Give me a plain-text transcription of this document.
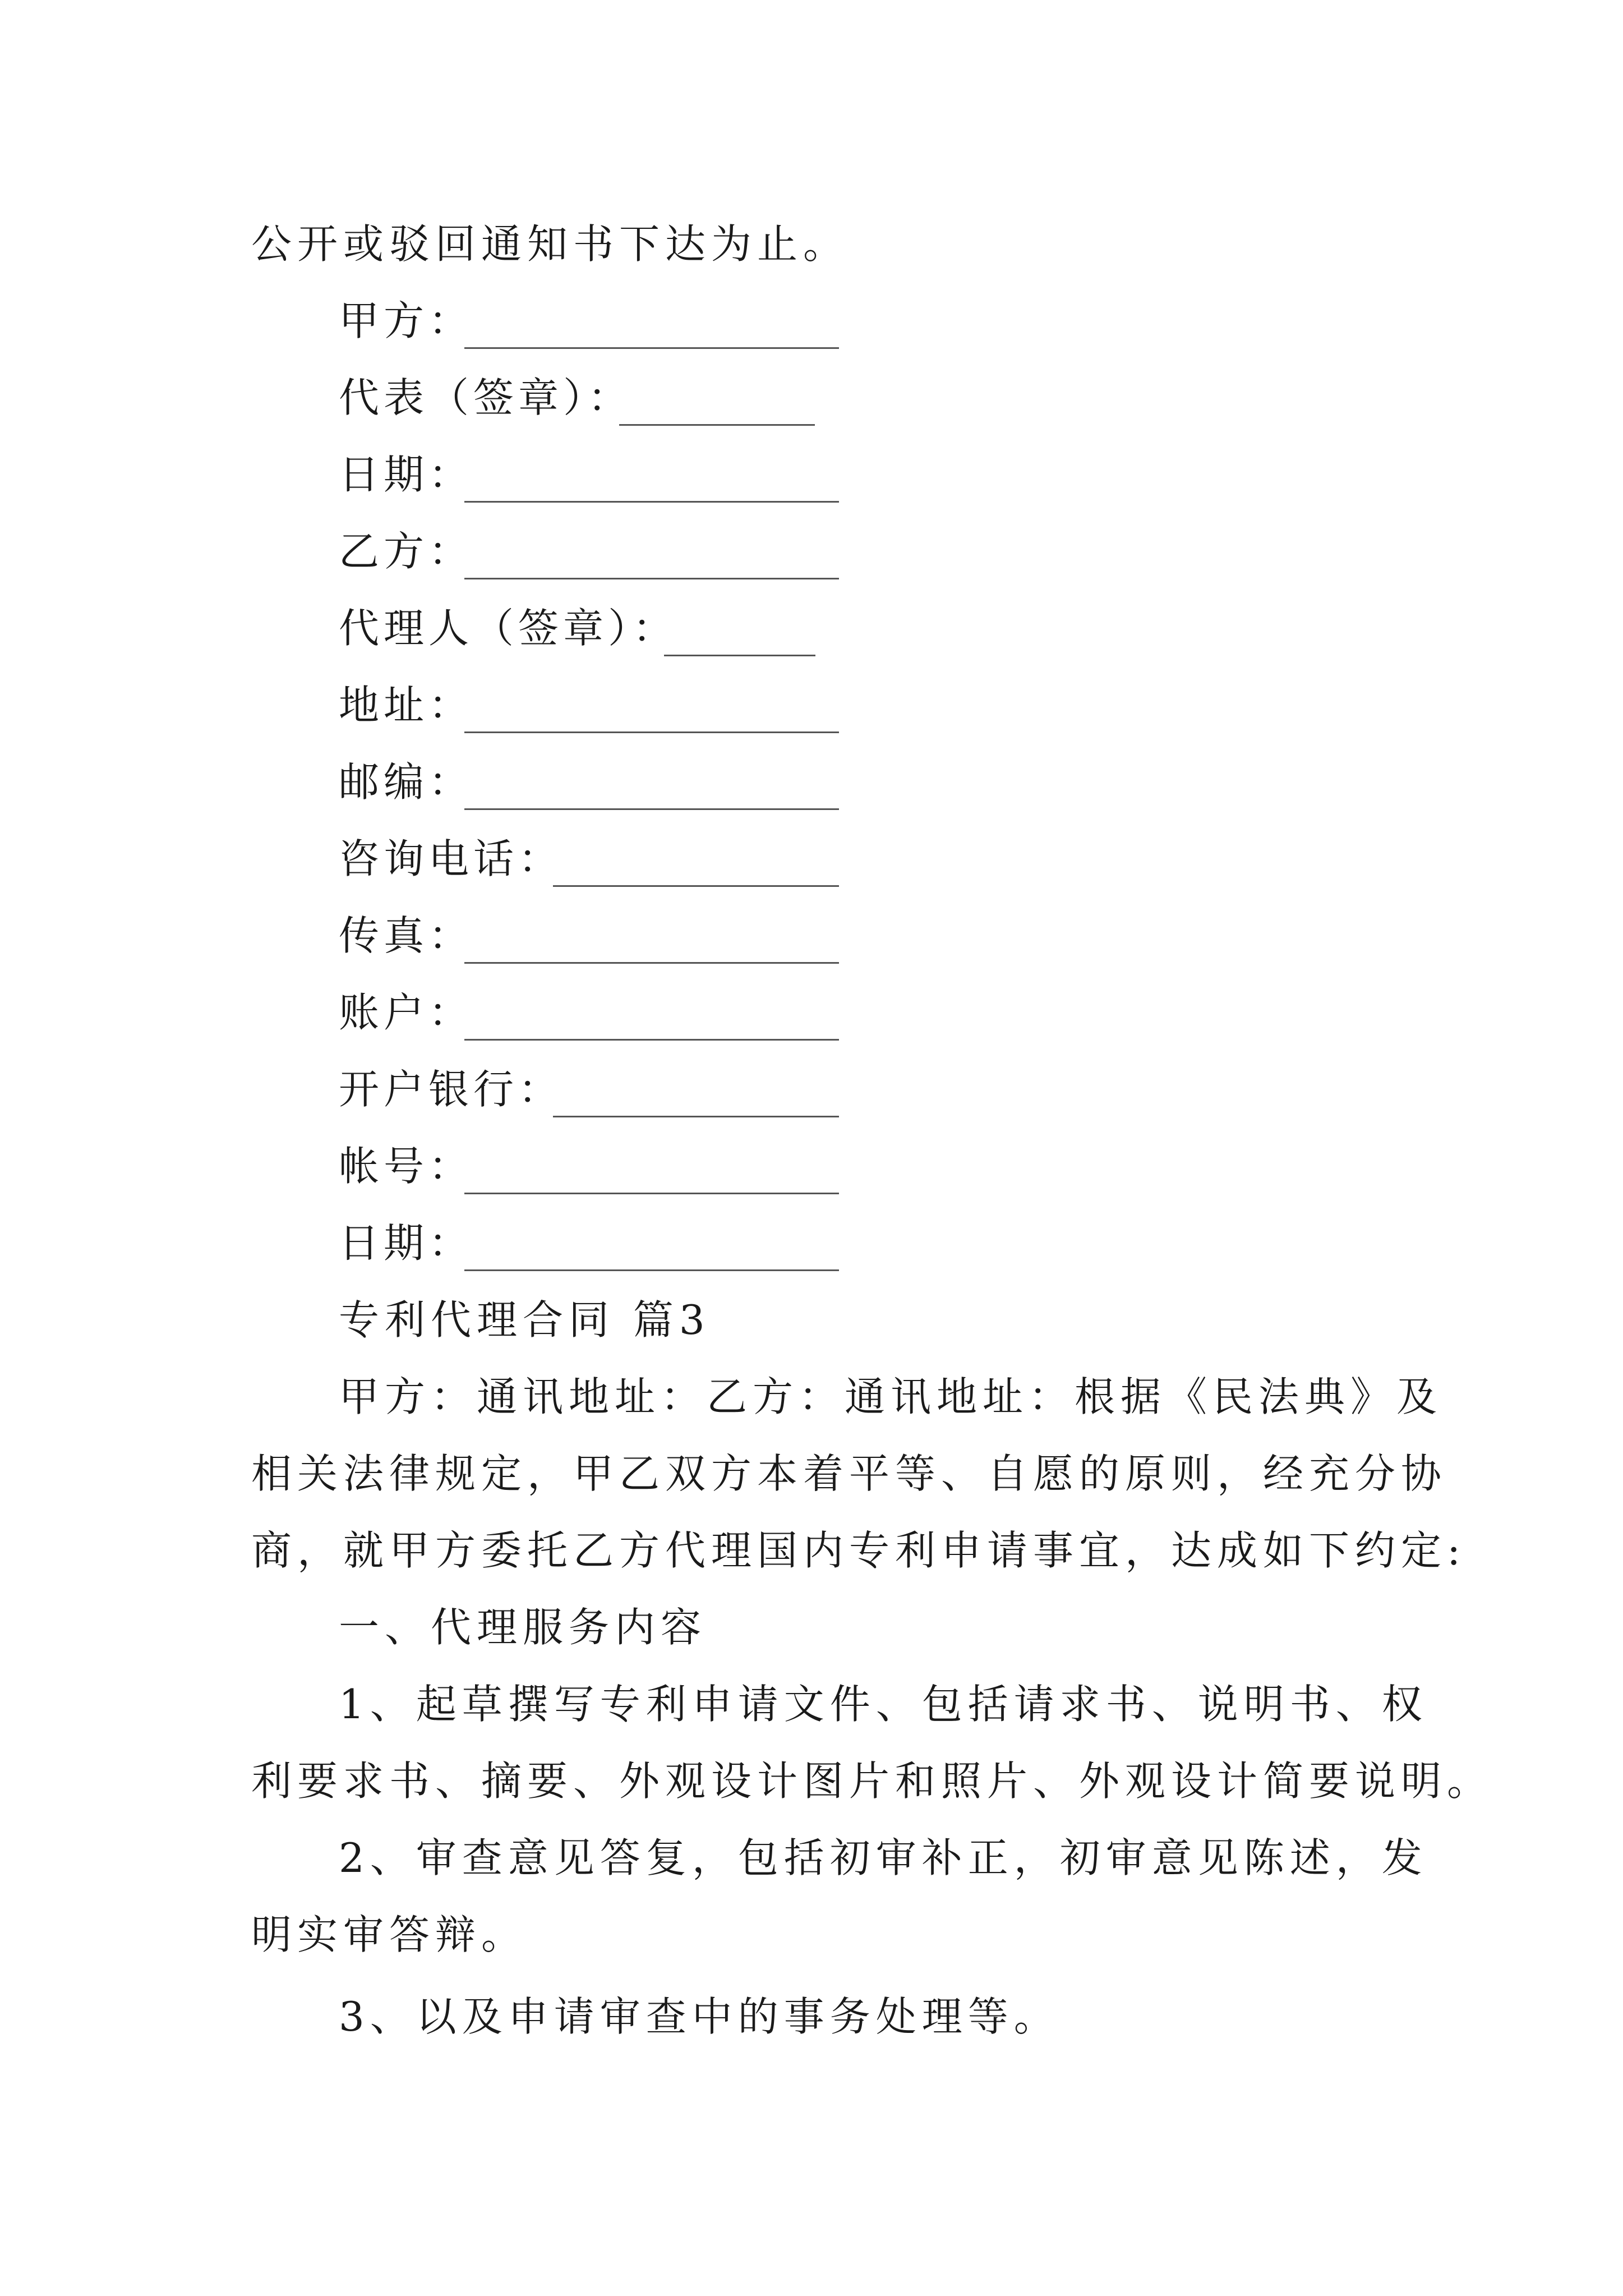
公开或驳回通知书下达为止。
甲方：
代表（签章）：
日期：
乙方：
代理人（签章）：
地址：
邮编：
咨询电话：
传真：
账户：
开户银行：
帐号：
日期：
专利代理合同 篇3
甲方：通讯地址：乙方：通讯地址：根据《民法典》及
相关法律规定，甲乙双方本着平等、自愿的原则，经充分协
商，就甲方委托乙方代理国内专利申请事宜，达成如下约定:
一、代理服务内容
1、起草撰写专利申请文件、包括请求书、说明书、权
利要求书、摘要、外观设计图片和照片、外观设计简要说明。
2、审查意见答复，包括初审补正，初审意见陈述，发
明实审答辩。
3、以及申请审查中的事务处理等。
